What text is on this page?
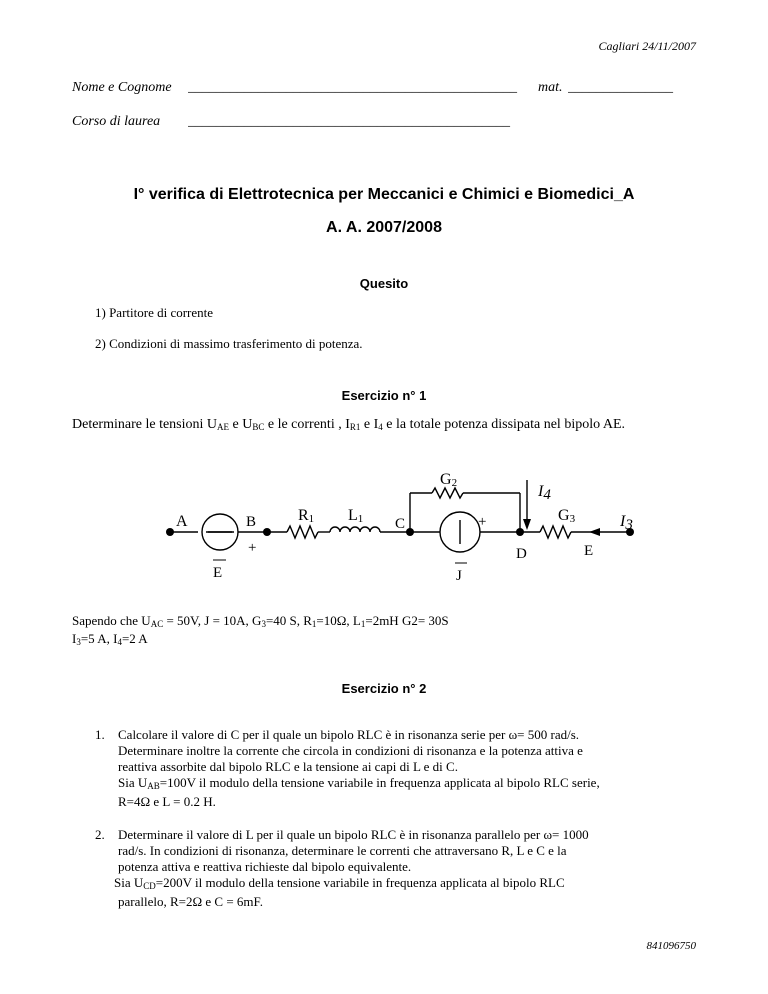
Cagliari 24/11/2007
Nome e Cognome _______________________________________________	mat. _______________
Corso di laurea ______________________________________________
I° verifica di Elettrotecnica per Meccanici e Chimici e Biomedici_A
A. A. 2007/2008
Quesito
1) Partitore di corrente
2) Condizioni di massimo trasferimento di potenza.
Esercizio n° 1
Determinare le tensioni $U_{AE}$ e $U_{BC}$ e le correnti , $I_{R1}$ e $I_4$ e la totale potenza dissipata nel bipolo AE.
A	B
+
E
R1 L1 C
G2
+
J
I4
G3
D	E
I3
Sapendo che $U_{AC} = 50V$, J = 10A, $G_3=40$ S, $R_1=10\Omega$, $L_1=2mH$ G2= 30S
$I_3=5$ A, $I_4=2$ A
Esercizio n° 2
1. Calcolare il valore di C per il quale un bipolo RLC è in risonanza serie per ω= 500 rad/s.
Determinare inoltre la corrente che circola in condizioni di risonanza e la potenza attiva e
reattiva assorbite dal bipolo RLC e la tensione ai capi di L e di C.
Sia $U_{AB}=100V$ il modulo della tensione variabile in frequenza applicata al bipolo RLC serie,
R=4Ω e L = 0.2 H.
2. Determinare il valore di L per il quale un bipolo RLC è in risonanza parallelo per ω= 1000
rad/s. In condizioni di risonanza, determinare le correnti che attraversano R, L e C e la
potenza attiva e reattiva richieste dal bipolo equivalente.
Sia $U_{CD}=200V$ il modulo della tensione variabile in frequenza applicata al bipolo RLC
parallelo, R=2Ω e C = 6mF.
841096750
